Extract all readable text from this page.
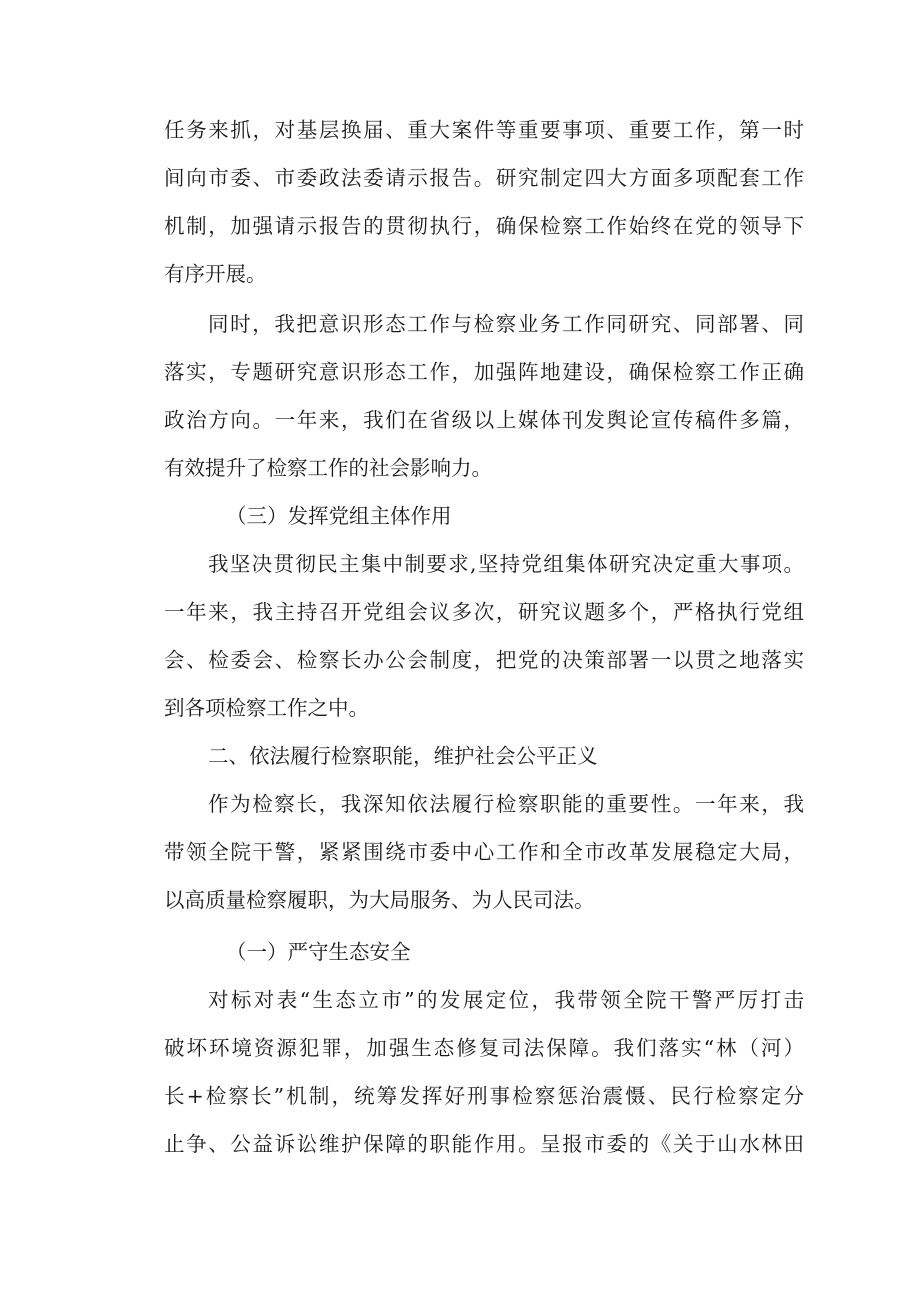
任务来抓，对基层换届、重大案件等重要事项、重要工作，第一时
间向市委、市委政法委请示报告。研究制定四大方面多项配套工作
机制，加强请示报告的贯彻执行，确保检察工作始终在党的领导下
有序开展。
同时，我把意识形态工作与检察业务工作同研究、同部署、同
落实，专题研究意识形态工作，加强阵地建设，确保检察工作正确
政治方向。一年来，我们在省级以上媒体刊发舆论宣传稿件多篇，
有效提升了检察工作的社会影响力。
（三）发挥党组主体作用
我坚决贯彻民主集中制要求,坚持党组集体研究决定重大事项。
一年来，我主持召开党组会议多次，研究议题多个，严格执行党组
会、检委会、检察长办公会制度，把党的决策部署一以贯之地落实
到各项检察工作之中。
二、依法履行检察职能，维护社会公平正义
作为检察长，我深知依法履行检察职能的重要性。一年来，我
带领全院干警，紧紧围绕市委中心工作和全市改革发展稳定大局，
以高质量检察履职，为大局服务、为人民司法。
（一）严守生态安全
对标对表“生态立市”的发展定位，我带领全院干警严厉打击
破坏环境资源犯罪，加强生态修复司法保障。我们落实“林（河）
长+检察长”机制，统筹发挥好刑事检察惩治震慑、民行检察定分
止争、公益诉讼维护保障的职能作用。呈报市委的《关于山水林田
